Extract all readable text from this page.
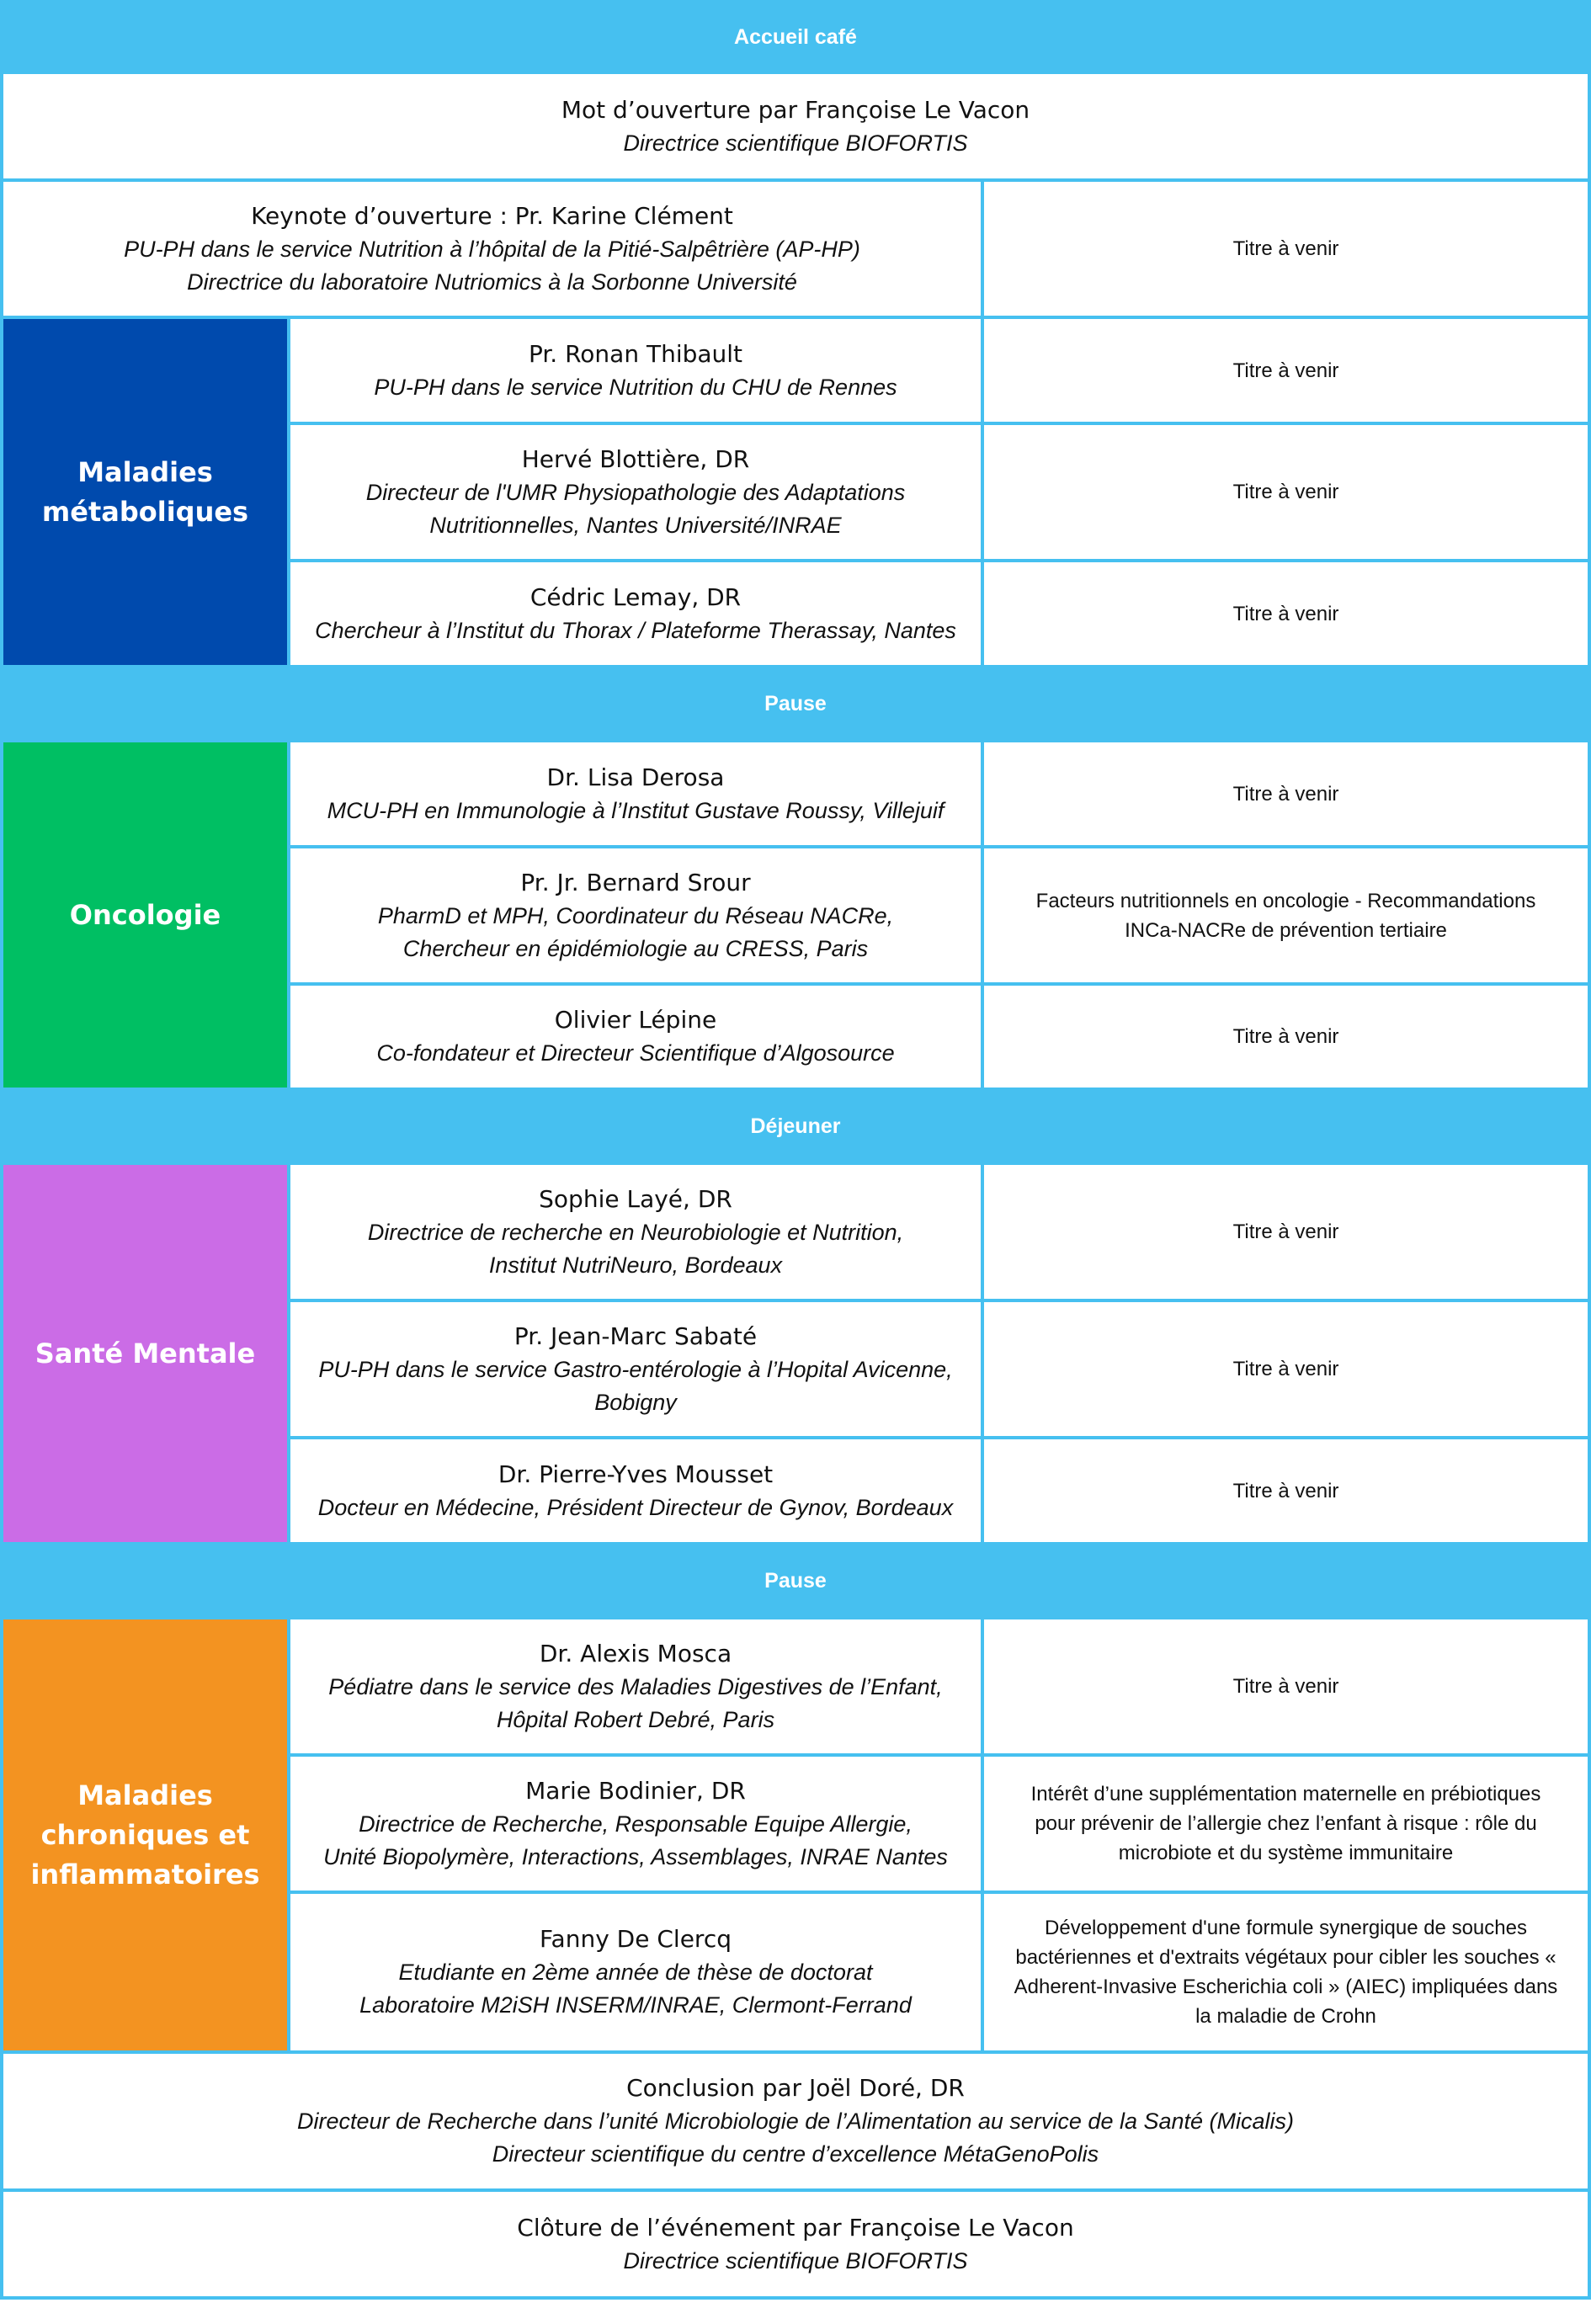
Accueil café
Mot d’ouverture par Françoise Le Vacon
Directrice scientifique BIOFORTIS
Keynote d’ouverture : Pr. Karine Clément
PU-PH dans le service Nutrition à l’hôpital de la Pitié-Salpêtrière (AP-HP)
Directrice du laboratoire Nutriomics à la Sorbonne Université
Titre à venir
Maladies
métaboliques
Pause
Oncologie
Déjeuner
Santé Mentale
Pause
Maladies
chroniques et
inflammatoires
Pr. Ronan Thibault
PU-PH dans le service Nutrition du CHU de Rennes
Titre à venir
Hervé Blottière, DR
Directeur de l'UMR Physiopathologie des Adaptations
Nutritionnelles, Nantes Université/INRAE
Titre à venir
Cédric Lemay, DR
Chercheur à l’Institut du Thorax / Plateforme Therassay, Nantes
Titre à venir
Dr. Lisa Derosa
MCU-PH en Immunologie à l’Institut Gustave Roussy, Villejuif
Titre à venir
Pr. Jr. Bernard Srour
PharmD et MPH, Coordinateur du Réseau NACRe,
Chercheur en épidémiologie au CRESS, Paris
Facteurs nutritionnels en oncologie - Recommandations
INCa-NACRe de prévention tertiaire
Olivier Lépine
Co-fondateur et Directeur Scientifique d’Algosource
Titre à venir
Sophie Layé, DR
Directrice de recherche en Neurobiologie et Nutrition,
Institut NutriNeuro, Bordeaux
Titre à venir
Pr. Jean-Marc Sabaté
PU-PH dans le service Gastro-entérologie à l’Hopital Avicenne,
Bobigny
Titre à venir
Dr. Pierre-Yves Mousset
Docteur en Médecine, Président Directeur de Gynov, Bordeaux
Titre à venir
Dr. Alexis Mosca
Pédiatre dans le service des Maladies Digestives de l’Enfant,
Hôpital Robert Debré, Paris
Titre à venir
Marie Bodinier, DR
Directrice de Recherche, Responsable Equipe Allergie,
Unité Biopolymère, Interactions, Assemblages, INRAE Nantes
Intérêt d’une supplémentation maternelle en prébiotiques
pour prévenir de l’allergie chez l’enfant à risque : rôle du
microbiote et du système immunitaire
Fanny De Clercq
Etudiante en 2ème année de thèse de doctorat
Laboratoire M2iSH INSERM/INRAE, Clermont-Ferrand
Développement d'une formule synergique de souches
bactériennes et d'extraits végétaux pour cibler les souches «
Adherent-Invasive Escherichia coli » (AIEC) impliquées dans
la maladie de Crohn
Conclusion par Joël Doré, DR
Directeur de Recherche dans l’unité Microbiologie de l’Alimentation au service de la Santé (Micalis)
Directeur scientifique du centre d’excellence MétaGenoPolis
Clôture de l’événement par Françoise Le Vacon
Directrice scientifique BIOFORTIS
